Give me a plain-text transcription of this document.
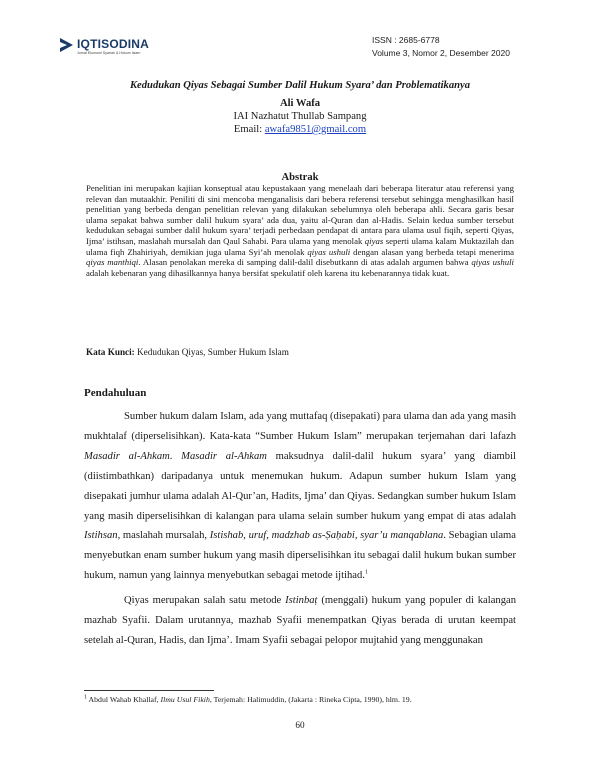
IQTISODINA
Jurnal Ekonomi Syariah & Hukum Islam
ISSN : 2685-6778
Volume 3, Nomor 2, Desember 2020
Kedudukan Qiyas Sebagai Sumber Dalil Hukum Syara’ dan Problematikanya
Ali Wafa
IAI Nazhatut Thullab Sampang
Email: awafa9851@gmail.com
Abstrak

Penelitian ini merupakan kajiian konseptual atau kepustakaan yang menelaah dari beberapa literatur atau referensi yang relevan dan mutaakhir. Peniliti di sini mencoba menganalisis dari bebera referensi tersebut sehingga menghasilkan hasil penelitian yang berbeda dengan penelitian relevan yang dilakukan sebelumnya oleh beberapa ahli. Secara garis besar ulama sepakat bahwa sumber dalil hukum syara’ ada dua, yaitu al-Quran dan al-Hadis. Selain kedua sumber tersebut kedudukan sebagai sumber dalil hukum syara’ terjadi perbedaan pendapat di antara para ulama usul fiqih, seperti Qiyas, Ijma’ istihsan, maslahah mursalah dan Qaul Sahabi. Para ulama yang menolak qiyas seperti ulama kalam Muktazilah dan ulama fiqh Zhahiriyah, demikian juga ulama Syi’ah menolak qiyas ushuli dengan alasan yang berbeda tetapi menerima qiyas manthiqi. Alasan penolakan mereka di samping dalil-dalil disebutkann di atas adalah argumen bahwa qiyas ushuli adalah kebenaran yang dihasilkannya hanya bersifat spekulatif oleh karena itu kebenarannya tidak kuat.

Kata Kunci: Kedudukan Qiyas, Sumber Hukum Islam
Pendahuluan

Sumber hukum dalam Islam, ada yang muttafaq (disepakati) para ulama dan ada yang masih mukhtalaf (diperselisihkan). Kata-kata “Sumber Hukum Islam” merupakan terjemahan dari lafazh Masadir al-Ahkam. Masadir al-Ahkam maksudnya dalil-dalil hukum syara’ yang diambil (diistimbathkan) daripadanya untuk menemukan hukum. Adapun sumber hukum Islam yang disepakati jumhur ulama adalah Al-Qur’an, Hadits, Ijma’ dan Qiyas. Sedangkan sumber hukum Islam yang masih diperselisihkan di kalangan para ulama selain sumber hukum yang empat di atas adalah Istihsan, maslahah mursalah, Istishab, uruf, madzhab as-Ṣaḥabi, syar’u manqablana. Sebagian ulama menyebutkan enam sumber hukum yang masih diperselisihkan itu sebagai dalil hukum bukan sumber hukum, namun yang lainnya menyebutkan sebagai metode ijtihad.$^1$

Qiyas merupakan salah satu metode Istinbaṭ (menggali) hukum yang populer di kalangan mazhab Syafii. Dalam urutannya, mazhab Syafii menempatkan Qiyas berada di urutan keempat setelah al-Quran, Hadis, dan Ijma’. Imam Syafii sebagai pelopor mujtahid yang menggunakan

$^1$ Abdul Wahab Khallaf, Ilmu Usul Fikih, Terjemah: Halimuddin, (Jakarta : Rineka Cipta, 1990), hlm. 19.
60
